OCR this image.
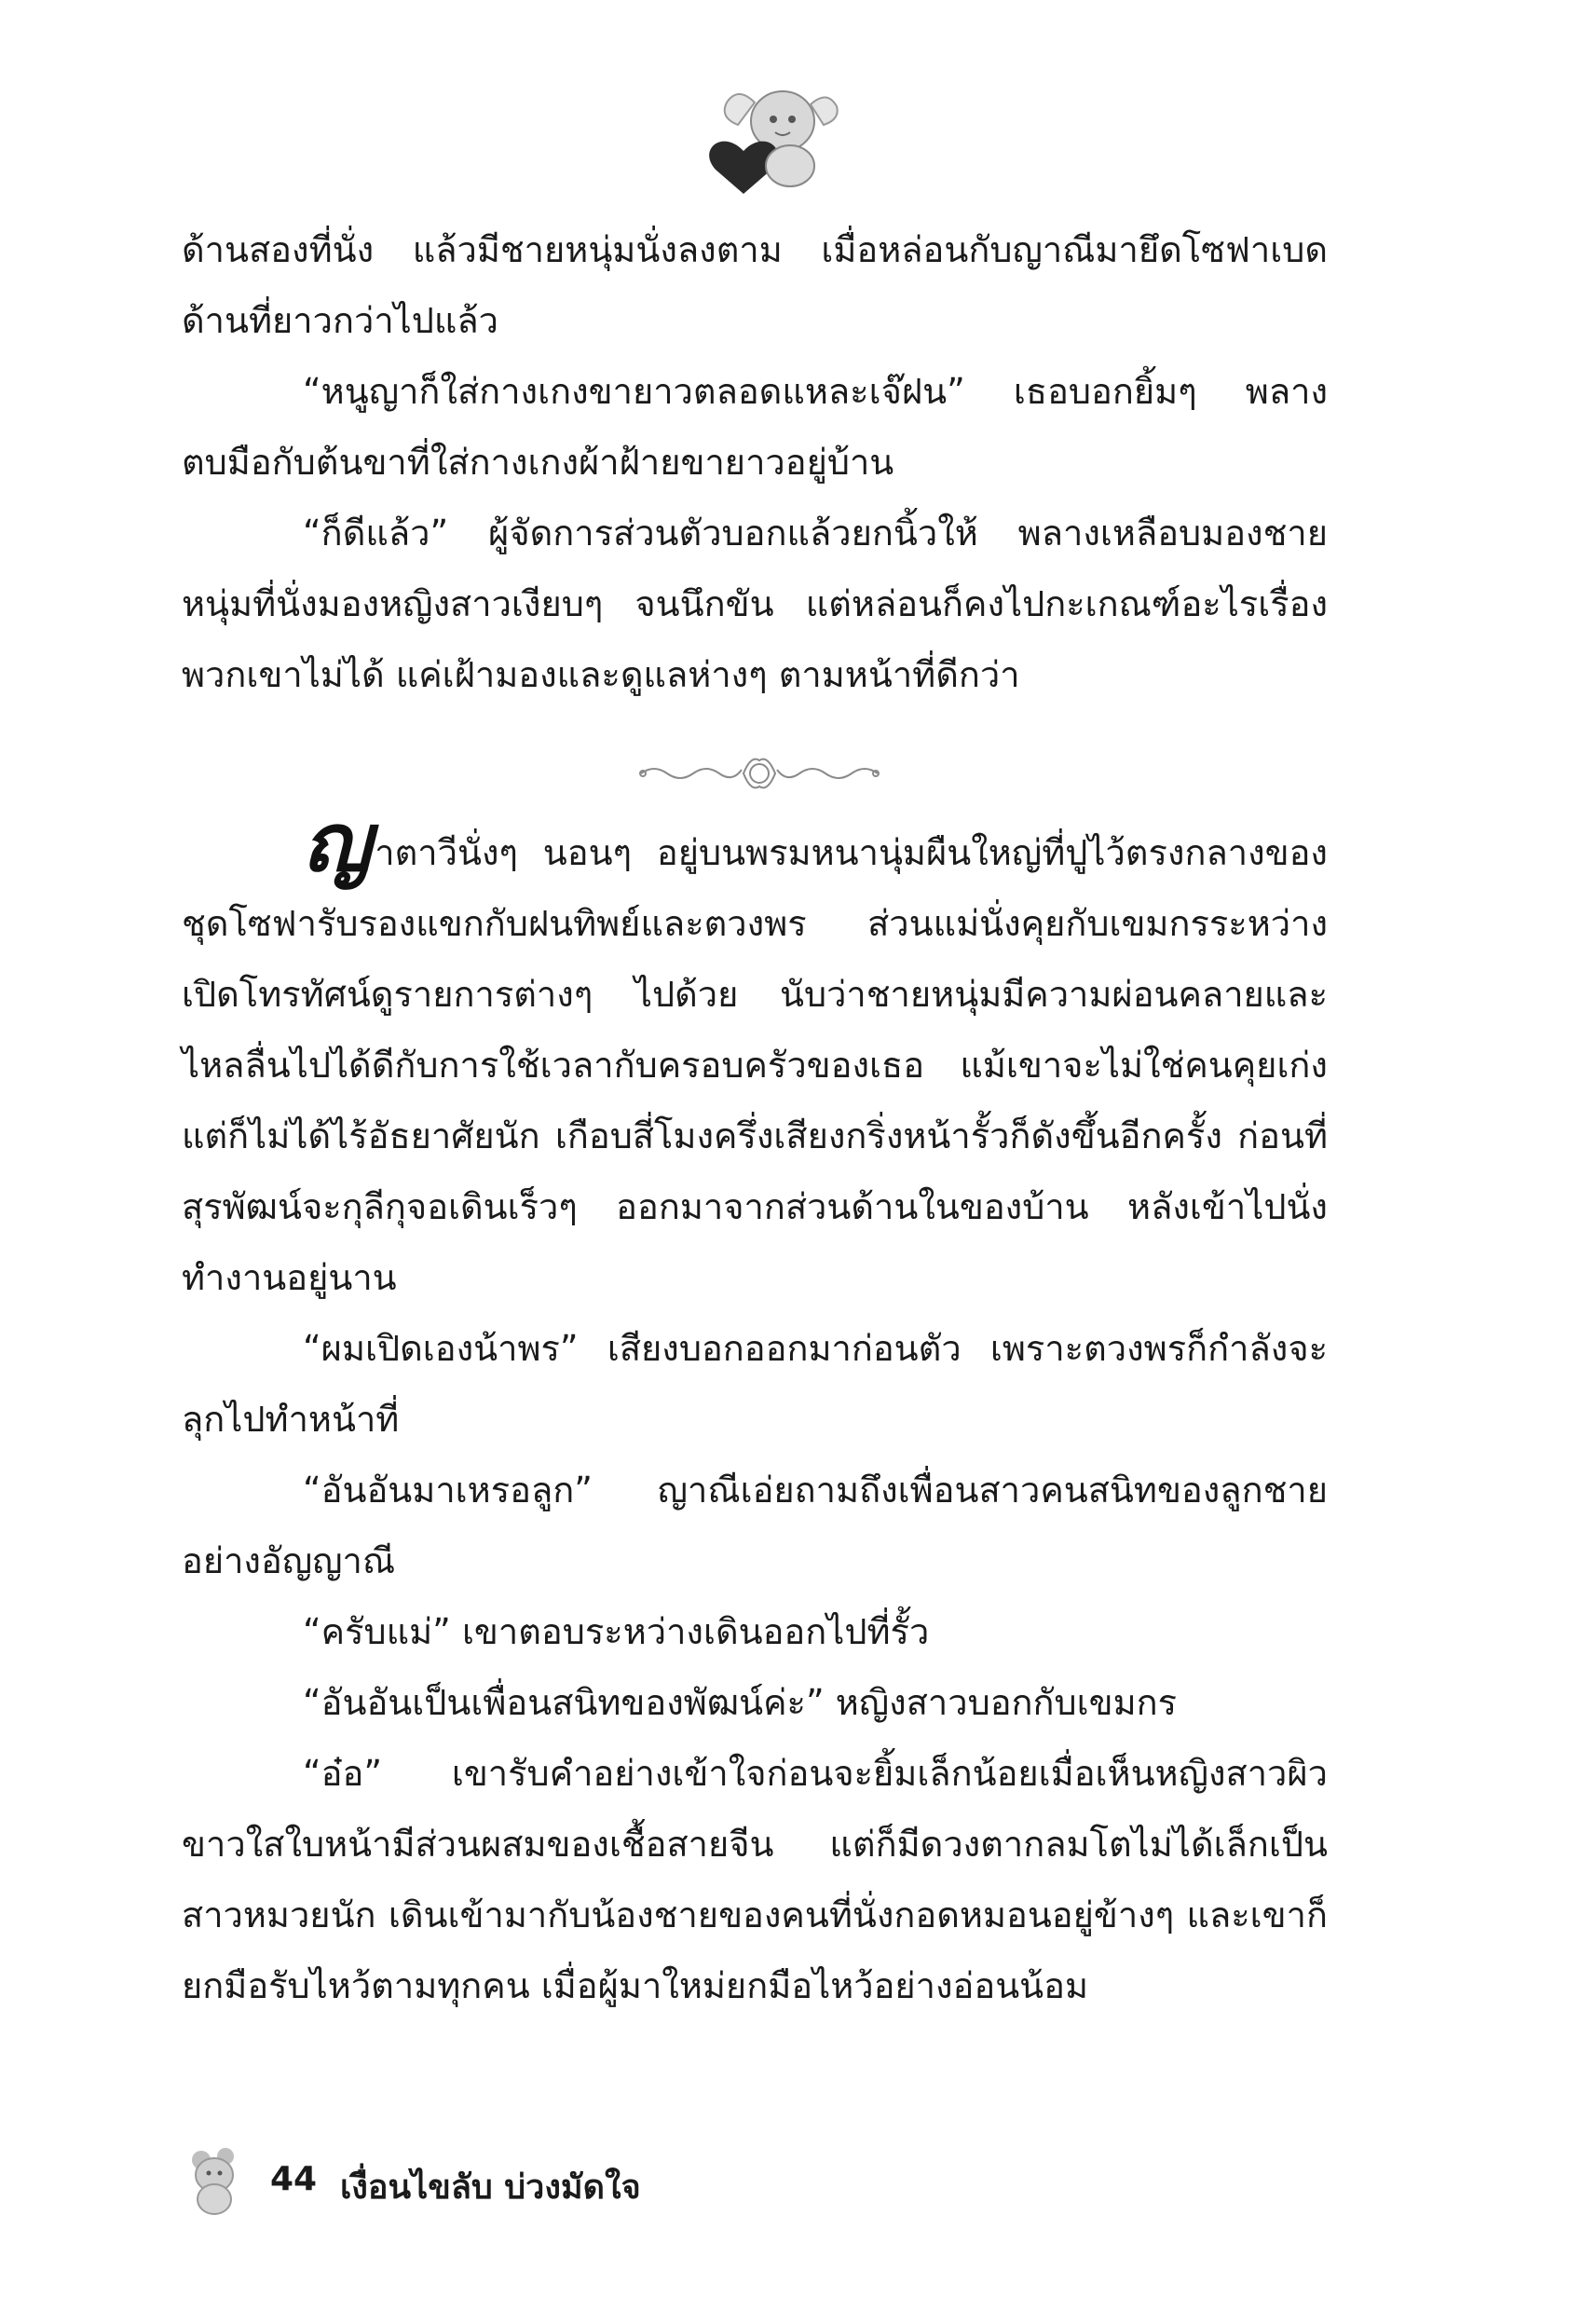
ด้านสองที่นั่ง แล้วมีชายหนุ่มนั่งลงตาม เมื่อหล่อนกับญาณีมายึดโซฟาเบดด้านที่ยาวกว่าไปแล้ว

“หนูญาก็ใส่กางเกงขายาวตลอดแหละเจ๊ฝน” เธอบอกยิ้มๆ พลางตบมือกับต้นขาที่ใส่กางเกงผ้าฝ้ายขายาวอยู่บ้าน

“ก็ดีแล้ว” ผู้จัดการส่วนตัวบอกแล้วยกนิ้วให้ พลางเหลือบมองชายหนุ่มที่นั่งมองหญิงสาวเงียบๆ จนนึกขัน แต่หล่อนก็คงไปกะเกณฑ์อะไรเรื่องพวกเขาไม่ได้ แค่เฝ้ามองและดูแลห่างๆ ตามหน้าที่ดีกว่า

ญาตาวีนั่งๆ นอนๆ อยู่บนพรมหนานุ่มผืนใหญ่ที่ปูไว้ตรงกลางของชุดโซฟารับรองแขกกับฝนทิพย์และตวงพร ส่วนแม่นั่งคุยกับเขมกรระหว่างเปิดโทรทัศน์ดูรายการต่างๆ ไปด้วย นับว่าชายหนุ่มมีความผ่อนคลายและไหลลื่นไปได้ดีกับการใช้เวลากับครอบครัวของเธอ แม้เขาจะไม่ใช่คนคุยเก่งแต่ก็ไม่ได้ไร้อัธยาศัยนัก เกือบสี่โมงครึ่งเสียงกริ่งหน้ารั้วก็ดังขึ้นอีกครั้ง ก่อนที่สุรพัฒน์จะกุลีกุจอเดินเร็วๆ ออกมาจากส่วนด้านในของบ้าน หลังเข้าไปนั่งทำงานอยู่นาน

“ผมเปิดเองน้าพร” เสียงบอกออกมาก่อนตัว เพราะตวงพรก็กำลังจะลุกไปทำหน้าที่

“อันอันมาเหรอลูก” ญาณีเอ่ยถามถึงเพื่อนสาวคนสนิทของลูกชายอย่างอัญญาณี

“ครับแม่” เขาตอบระหว่างเดินออกไปที่รั้ว

“อันอันเป็นเพื่อนสนิทของพัฒน์ค่ะ” หญิงสาวบอกกับเขมกร

“อ๋อ” เขารับคำอย่างเข้าใจก่อนจะยิ้มเล็กน้อยเมื่อเห็นหญิงสาวผิวขาวใสใบหน้ามีส่วนผสมของเชื้อสายจีน แต่ก็มีดวงตากลมโตไม่ได้เล็กเป็นสาวหมวยนัก เดินเข้ามากับน้องชายของคนที่นั่งกอดหมอนอยู่ข้างๆ และเขาก็ยกมือรับไหว้ตามทุกคน เมื่อผู้มาใหม่ยกมือไหว้อย่างอ่อนน้อม

44 เงื่อนไขลับ บ่วงมัดใจ
